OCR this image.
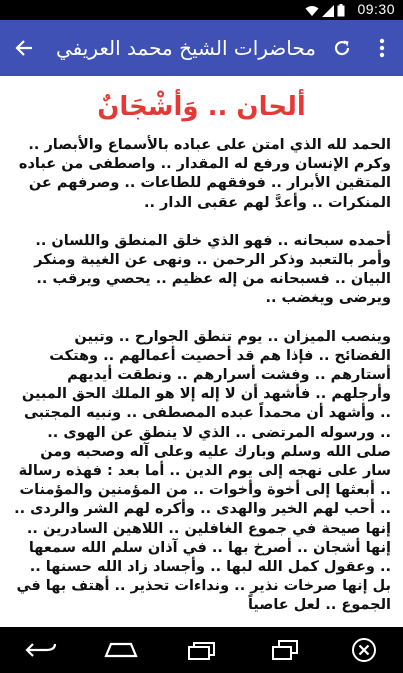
09:30
محاضرات الشيخ محمد العريفي
ألحان .. وَأشْجَانٌ

الحمد لله الذي امتن على عباده بالأسماع والأبصار .. وكرم الإنسان ورفع له المقدار .. واصطفى من عباده المتقين الأبرار .. فوفقهم للطاعات .. وصرفهم عن المنكرات .. وأعدَّ لهم عقبى الدار ..

أحمده سبحانه .. فهو الذي خلق المنطق واللسان .. وأمر بالتعبد وذكر الرحمن .. ونهى عن الغيبة ومنكر البيان .. فسبحانه من إله عظيم .. يحصي ويرقب .. ويرضى ويغضب ..

وينصب الميزان .. يوم تنطق الجوارح .. وتبين الفضائح .. فإذا هم قد أحصيت أعمالهم .. وهتكت أستارهم .. وفشت أسرارهم .. ونطقت أيديهم وأرجلهم .. فأشهد أن لا إله إلا هو الملك الحق المبين .. وأشهد أن محمداً عبده المصطفى .. ونبيه المجتبى .. ورسوله المرتضى .. الذي لا ينطق عن الهوى .. صلى الله وسلم وبارك عليه وعلى آله وصحبه ومن سار على نهجه إلى يوم الدين .. أما بعد : فهذه رسالة .. أبعثها إلى أخوة وأخوات .. من المؤمنين والمؤمنات .. أحب لهم الخير والهدى .. وأكره لهم الشر والردى .. إنها صيحة في جموع الغافلين .. اللاهين السادرين .. إنها أشجان .. أصرخ بها .. في آذان سلم الله سمعها .. وعقول كمل الله لبها .. وأجساد زاد الله حسنها .. بل إنها صرخات نذير .. وندا‌ءات تحذير .. أهتف بها في الجموع .. لعل عاصياً
